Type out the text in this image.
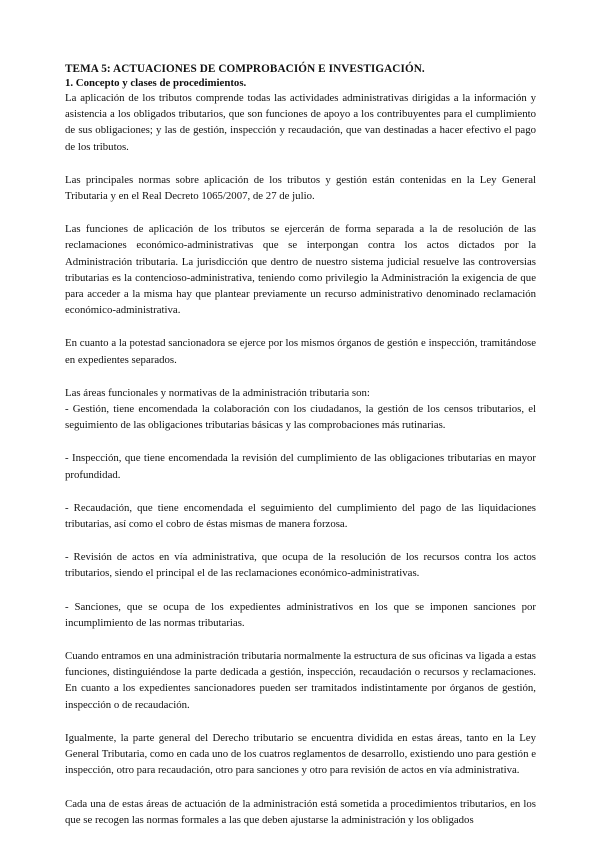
TEMA 5: ACTUACIONES DE COMPROBACIÓN E INVESTIGACIÓN.
1. Concepto y clases de procedimientos.

La aplicación de los tributos comprende todas las actividades administrativas dirigidas a la información y asistencia a los obligados tributarios, que son funciones de apoyo a los contribuyentes para el cumplimiento de sus obligaciones; y las de gestión, inspección y recaudación, que van destinadas a hacer efectivo el pago de los tributos.

Las principales normas sobre aplicación de los tributos y gestión están contenidas en la Ley General Tributaria y en el Real Decreto 1065/2007, de 27 de julio.

Las funciones de aplicación de los tributos se ejercerán de forma separada a la de resolución de las reclamaciones económico-administrativas que se interpongan contra los actos dictados por la Administración tributaria. La jurisdicción que dentro de nuestro sistema judicial resuelve las controversias tributarias es la contencioso-administrativa, teniendo como privilegio la Administración la exigencia de que para acceder a la misma hay que plantear previamente un recurso administrativo denominado reclamación económico-administrativa.

En cuanto a la potestad sancionadora se ejerce por los mismos órganos de gestión e inspección, tramitándose en expedientes separados.

Las áreas funcionales y normativas de la administración tributaria son:

- Gestión, tiene encomendada la colaboración con los ciudadanos, la gestión de los censos tributarios, el seguimiento de las obligaciones tributarias básicas y las comprobaciones más rutinarias.

- Inspección, que tiene encomendada la revisión del cumplimiento de las obligaciones tributarias en mayor profundidad.

- Recaudación, que tiene encomendada el seguimiento del cumplimiento del pago de las liquidaciones tributarias, así como el cobro de éstas mismas de manera forzosa.

- Revisión de actos en vía administrativa, que ocupa de la resolución de los recursos contra los actos tributarios, siendo el principal el de las reclamaciones económico-administrativas.

- Sanciones, que se ocupa de los expedientes administrativos en los que se imponen sanciones por incumplimiento de las normas tributarias.

Cuando entramos en una administración tributaria normalmente la estructura de sus oficinas va ligada a estas funciones, distinguiéndose la parte dedicada a gestión, inspección, recaudación o recursos y reclamaciones. En cuanto a los expedientes sancionadores pueden ser tramitados indistintamente por órganos de gestión, inspección o de recaudación.

Igualmente, la parte general del Derecho tributario se encuentra dividida en estas áreas, tanto en la Ley General Tributaria, como en cada uno de los cuatros reglamentos de desarrollo, existiendo uno para gestión e inspección, otro para recaudación, otro para sanciones y otro para revisión de actos en vía administrativa.

Cada una de estas áreas de actuación de la administración está sometida a procedimientos tributarios, en los que se recogen las normas formales a las que deben ajustarse la administración y los obligados
